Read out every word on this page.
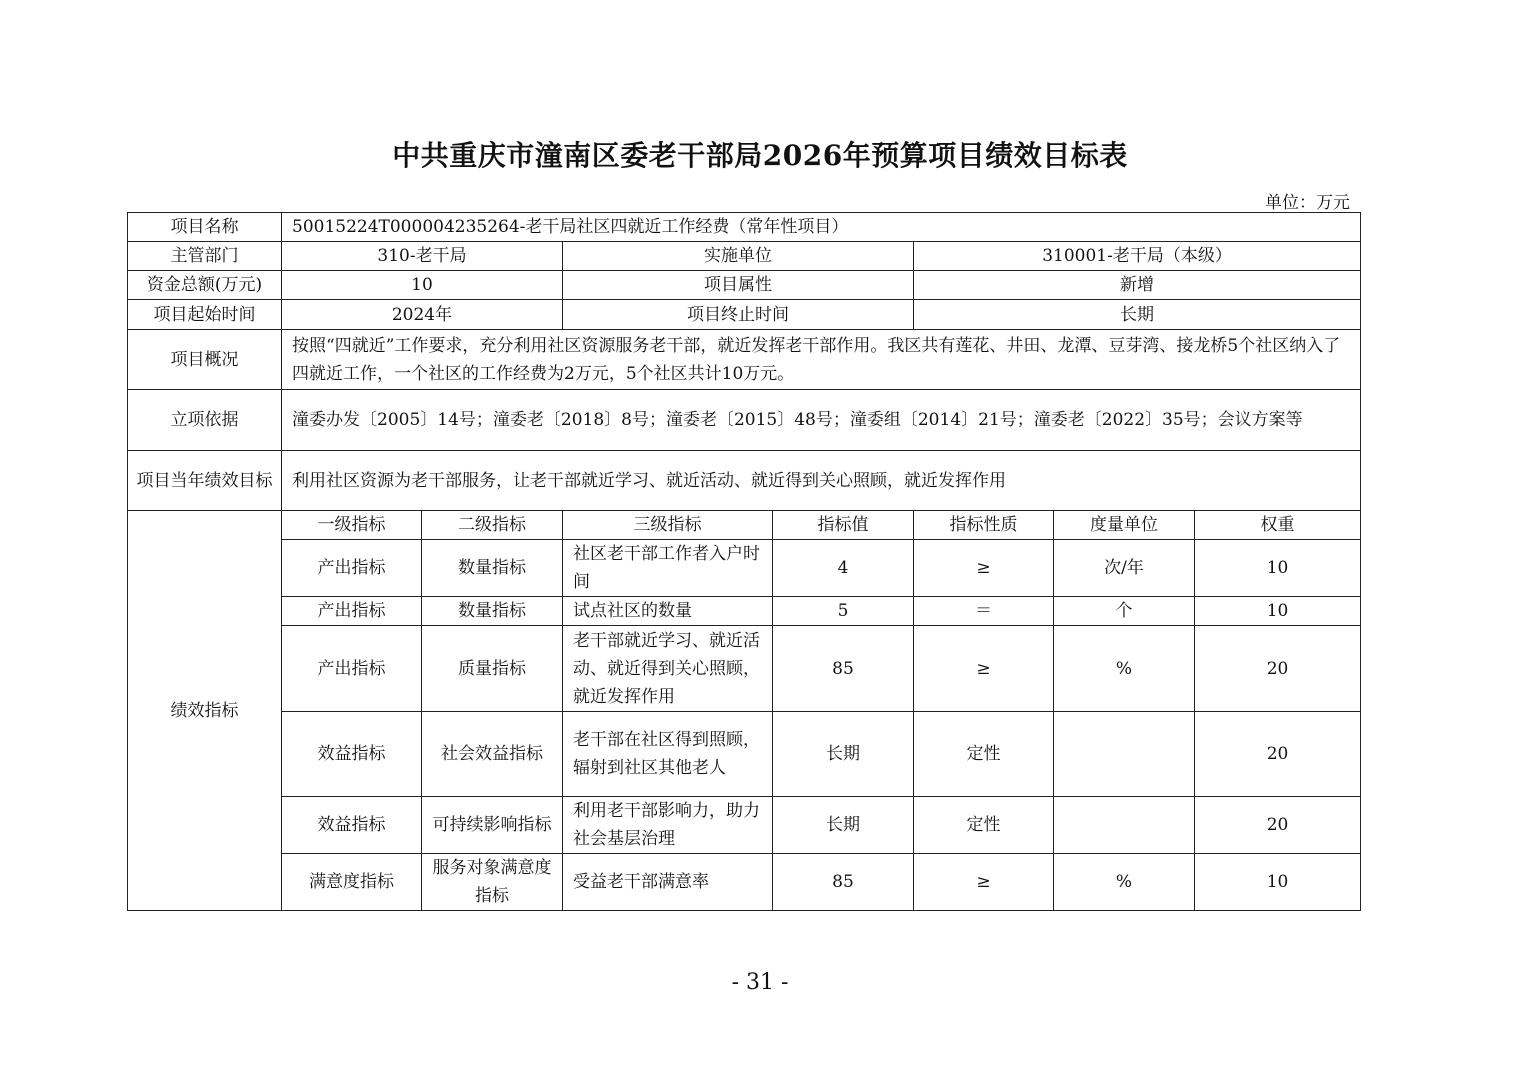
中共重庆市潼南区委老干部局2026年预算项目绩效目标表
单位：万元
项目名称	50015224T000004235264-老干局社区四就近工作经费（常年性项目）						
主管部门	310-老干局		实施单位		310001-老干局（本级）		
资金总额(万元)	10		项目属性		新增		
项目起始时间	2024年		项目终止时间		长期		
项目概况	按照“四就近”工作要求，充分利用社区资源服务老干部，就近发挥老干部作用。我区共有莲花、井田、龙潭、豆芽湾、接龙桥5个社区纳入了四就近工作，一个社区的工作经费为2万元，5个社区共计10万元。						
立项依据	潼委办发〔2005〕14号；潼委老〔2018〕8号；潼委老〔2015〕48号；潼委组〔2014〕21号；潼委老〔2022〕35号；会议方案等						
项目当年绩效目标	利用社区资源为老干部服务，让老干部就近学习、就近活动、就近得到关心照顾，就近发挥作用						
绩效指标	一级指标	二级指标	三级指标	指标值	指标性质	度量单位	权重
	产出指标	数量指标	社区老干部工作者入户时间	4	≥	次/年	10
	产出指标	数量指标	试点社区的数量	5	＝	个	10
	产出指标	质量指标	老干部就近学习、就近活动、就近得到关心照顾，就近发挥作用	85	≥	%	20
	效益指标	社会效益指标	老干部在社区得到照顾，辐射到社区其他老人	长期	定性		20
	效益指标	可持续影响指标	利用老干部影响力，助力社会基层治理	长期	定性		20
	满意度指标	服务对象满意度指标	受益老干部满意率	85	≥	%	10
- 31 -
